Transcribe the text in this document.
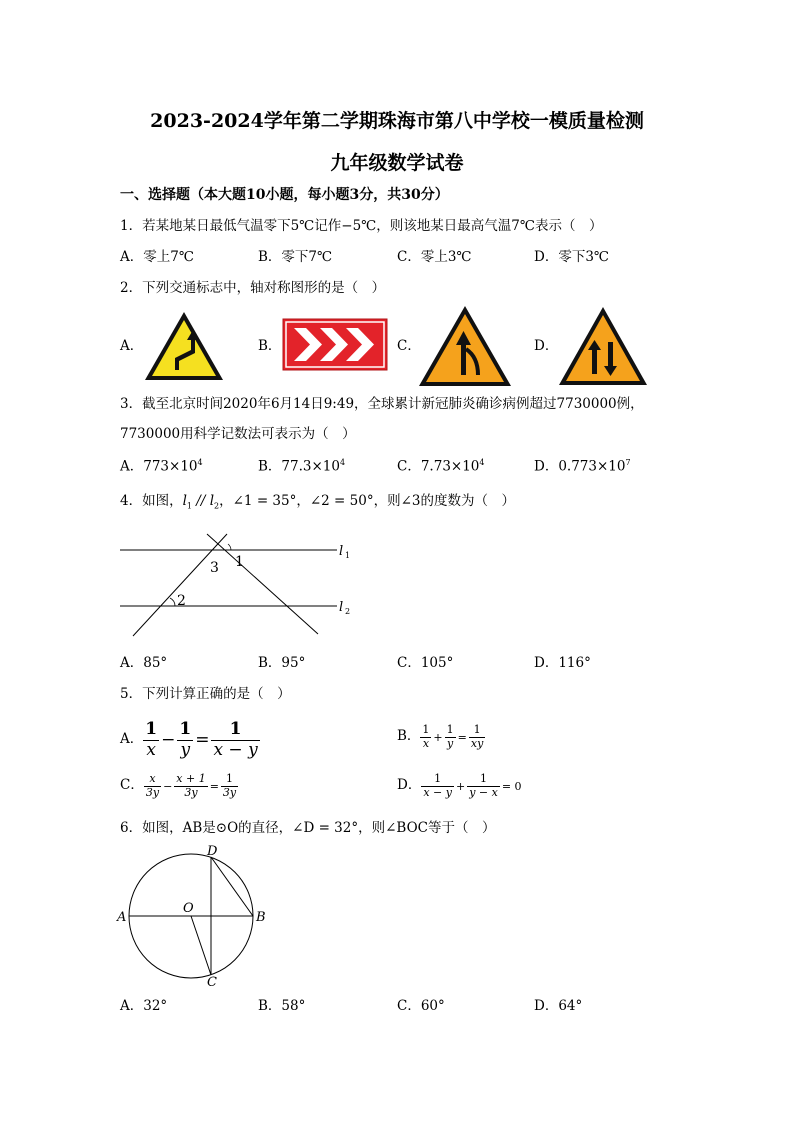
2023-2024学年第二学期珠海市第八中学校一模质量检测
九年级数学试卷
一、选择题（本大题10小题，每小题3分，共30分）
1．若某地某日最低气温零下5℃记作−5℃，则该地某日最高气温7℃表示（　）
A．零上7℃	B．零下7℃	C．零上3℃	D．零下3℃
2．下列交通标志中，轴对称图形的是（　）
A．	B．	C．	D．
3．截至北京时间2020年6月14日9:49，全球累计新冠肺炎确诊病例超过7730000例，
7730000用科学记数法可表示为（　）
A．$773\times 10^4$	B．$77.3\times 10^4$	C．$7.73\times 10^4$	D．$0.773\times 10^7$
4．如图，$l_1 // l_2$，∠1 = 35°，∠2 = 50°，则∠3的度数为（　）
l 1
l 2
1
2
3
A．85°	B．95°	C．105°	D．116°
5．下列计算正确的是（　）
A． $\frac{1}{x} - \frac{1}{y} = \frac{1}{x - y}$	B． $\frac{1}{x} + \frac{1}{y} = \frac{1}{xy}$
C． $\frac{x}{3y} - \frac{x + 1}{3y} = \frac{1}{3y}$	D． $\frac{1}{x - y} + \frac{1}{y - x} = 0$
6．如图，AB是⊙O的直径，∠D = 32°，则∠BOC等于（　）
A	B
C
D
O
A．32°	B．58°	C．60°	D．64°
